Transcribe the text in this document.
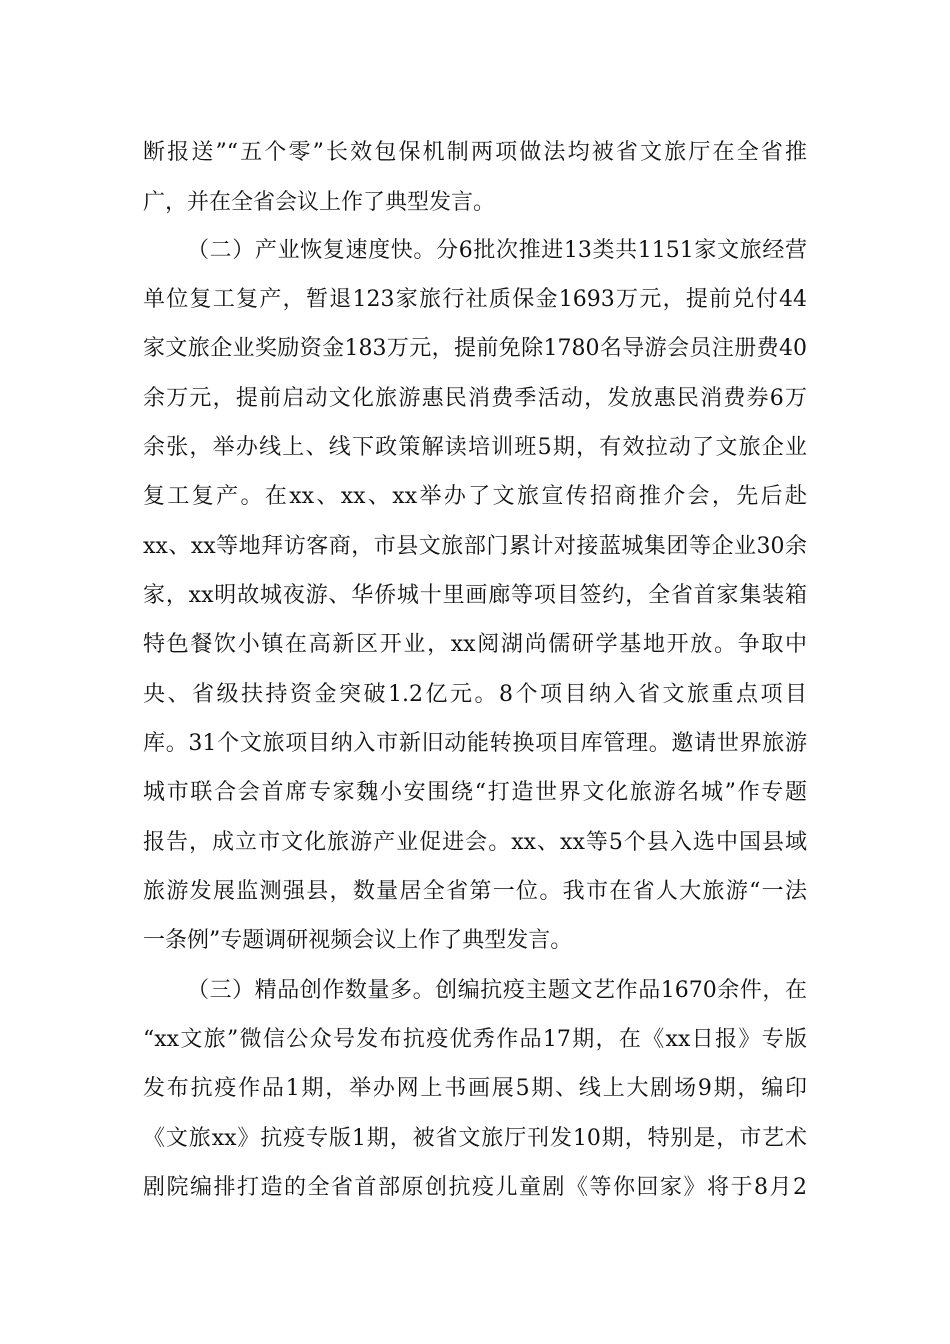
断报送”“五个零”长效包保机制两项做法均被省文旅厅在全省推
广，并在全省会议上作了典型发言。
（二）产业恢复速度快。分6批次推进13类共1151家文旅经营
单位复工复产，暂退123家旅行社质保金1693万元，提前兑付44
家文旅企业奖励资金183万元，提前免除1780名导游会员注册费40
余万元，提前启动文化旅游惠民消费季活动，发放惠民消费券6万
余张，举办线上、线下政策解读培训班5期，有效拉动了文旅企业
复工复产。在xx、xx、xx举办了文旅宣传招商推介会，先后赴
xx、xx等地拜访客商，市县文旅部门累计对接蓝城集团等企业30余
家，xx明故城夜游、华侨城十里画廊等项目签约，全省首家集装箱
特色餐饮小镇在高新区开业，xx阅湖尚儒研学基地开放。争取中
央、省级扶持资金突破1.2亿元。8个项目纳入省文旅重点项目
库。31个文旅项目纳入市新旧动能转换项目库管理。邀请世界旅游
城市联合会首席专家魏小安围绕“打造世界文化旅游名城”作专题
报告，成立市文化旅游产业促进会。xx、xx等5个县入选中国县域
旅游发展监测强县，数量居全省第一位。我市在省人大旅游“一法
一条例”专题调研视频会议上作了典型发言。
（三）精品创作数量多。创编抗疫主题文艺作品1670余件，在
“xx文旅”微信公众号发布抗疫优秀作品17期，在《xx日报》专版
发布抗疫作品1期，举办网上书画展5期、线上大剧场9期，编印
《文旅xx》抗疫专版1期，被省文旅厅刊发10期，特别是，市艺术
剧院编排打造的全省首部原创抗疫儿童剧《等你回家》将于8月2
